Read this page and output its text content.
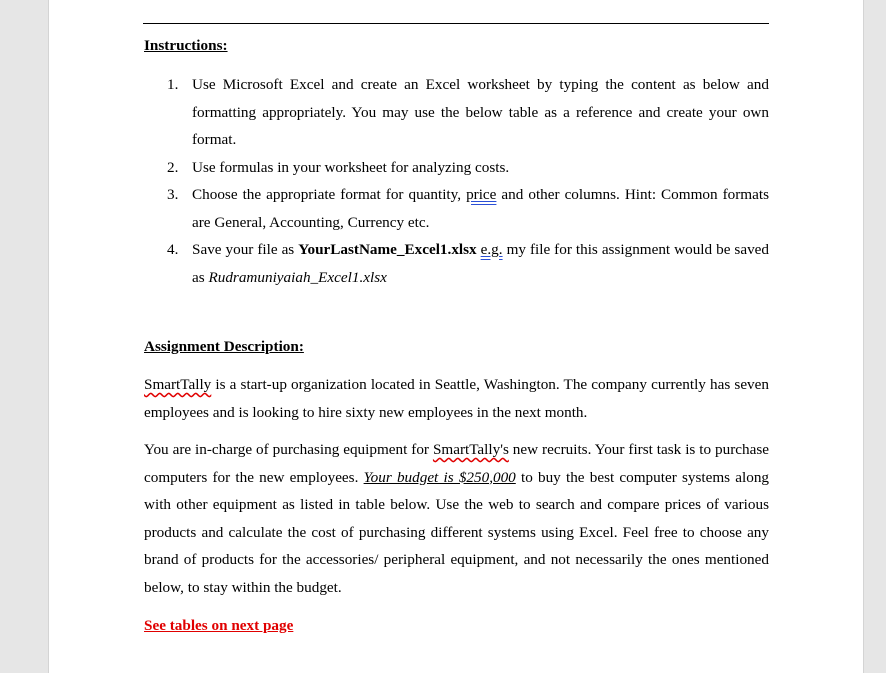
Instructions:
1. Use Microsoft Excel and create an Excel worksheet by typing the content as below and formatting appropriately. You may use the below table as a reference and create your own format.
2. Use formulas in your worksheet for analyzing costs.
3. Choose the appropriate format for quantity, price and other columns. Hint: Common formats are General, Accounting, Currency etc.
4. Save your file as YourLastName_Excel1.xlsx e.g. my file for this assignment would be saved as Rudramuniyaiah_Excel1.xlsx
Assignment Description:

SmartTally is a start-up organization located in Seattle, Washington. The company currently has seven employees and is looking to hire sixty new employees in the next month.

You are in-charge of purchasing equipment for SmartTally's new recruits. Your first task is to purchase computers for the new employees. Your budget is $250,000 to buy the best computer systems along with other equipment as listed in table below. Use the web to search and compare prices of various products and calculate the cost of purchasing different systems using Excel. Feel free to choose any brand of products for the accessories/ peripheral equipment, and not necessarily the ones mentioned below, to stay within the budget.

See tables on next page
